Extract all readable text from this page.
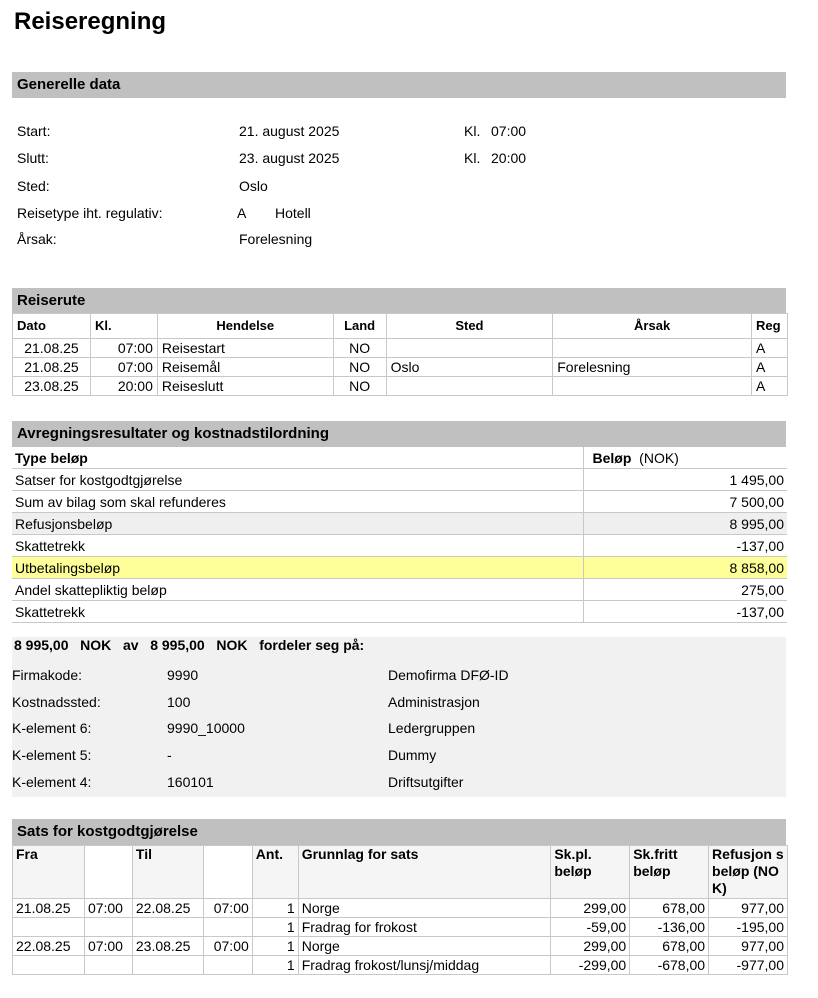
Reiseregning
Generelle data
Start:	21. august 2025	Kl. 07:00
Slutt:	23. august 2025	Kl. 20:00
Sted:	Oslo
Reisetype iht. regulativ:	A Hotell
Årsak:	Forelesning
Reiserute
Dato	Kl.	Hendelse	Land	Sted	Årsak	Reg
21.08.25	07:00	Reisestart	NO			A
21.08.25	07:00	Reisemål	NO	Oslo	Forelesning	A
23.08.25	20:00	Reiseslutt	NO			A
Avregningsresultater og kostnadstilordning
Type beløp	Beløp (NOK)
Satser for kostgodtgjørelse	1 495,00
Sum av bilag som skal refunderes	7 500,00
Refusjonsbeløp	8 995,00
Skattetrekk	-137,00
Utbetalingsbeløp	8 858,00
Andel skattepliktig beløp	275,00
Skattetrekk	-137,00
8 995,00 NOK av 8 995,00 NOK fordeler seg på:
Firmakode:	9990	Demofirma DFØ-ID
Kostnadssted:	100	Administrasjon
K-element 6:	9990_10000	Ledergruppen
K-element 5:	-	Dummy
K-element 4:	160101	Driftsutgifter
Sats for kostgodtgjørelse
Fra		Til		Ant.	Grunnlag for sats	Sk.pl. beløp	Sk.fritt beløp	Refusjon sbeløp (NOK)
21.08.25	07:00	22.08.25	07:00	1	Norge	299,00	678,00	977,00
				1	Fradrag for frokost	-59,00	-136,00	-195,00
22.08.25	07:00	23.08.25	07:00	1	Norge	299,00	678,00	977,00
				1	Fradrag frokost/lunsj/middag	-299,00	-678,00	-977,00
